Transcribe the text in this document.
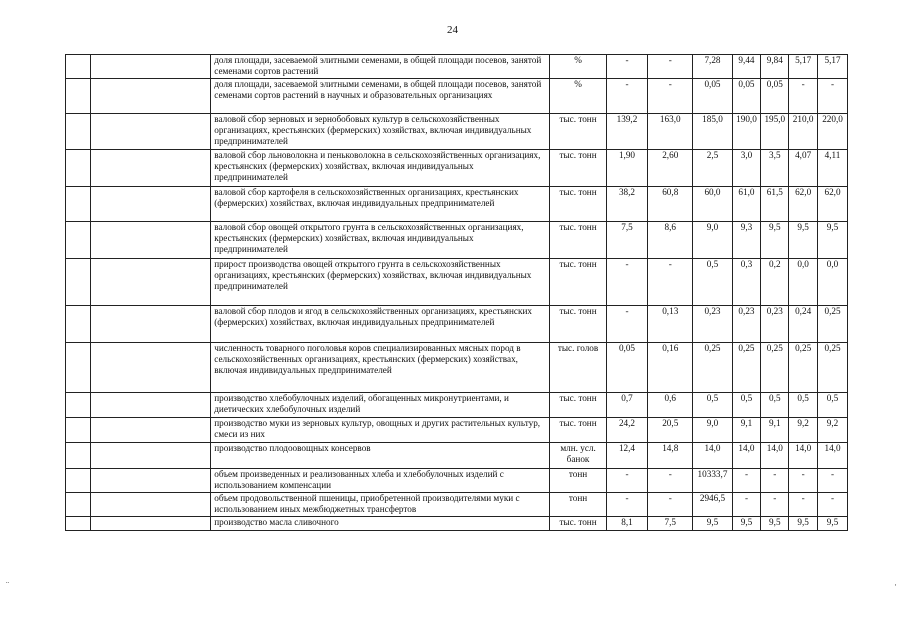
24
		доля площади, засеваемой элитными семенами, в общей площади посевов, занятой семенами сортов растений	%	-	-	7,28	9,44	9,84	5,17	5,17
		доля площади, засеваемой элитными семенами, в общей площади посевов, занятой семенами сортов растений в научных и образовательных организациях	%	-	-	0,05	0,05	0,05	-	-
		валовой сбор зерновых и зернобобовых культур в сельскохозяйственных организациях, крестьянских (фермерских) хозяйствах, включая индивидуальных предпринимателей	тыс. тонн	139,2	163,0	185,0	190,0	195,0	210,0	220,0
		валовой сбор льноволокна и пеньковолокна в сельскохозяйственных организациях, крестьянских (фермерских) хозяйствах, включая индивидуальных предпринимателей	тыс. тонн	1,90	2,60	2,5	3,0	3,5	4,07	4,11
		валовой сбор картофеля в сельскохозяйственных организациях, крестьянских (фермерских) хозяйствах, включая индивидуальных предпринимателей	тыс. тонн	38,2	60,8	60,0	61,0	61,5	62,0	62,0
		валовой сбор овощей открытого грунта в сельскохозяйственных организациях, крестьянских (фермерских) хозяйствах, включая индивидуальных предпринимателей	тыс. тонн	7,5	8,6	9,0	9,3	9,5	9,5	9,5
		прирост производства овощей открытого грунта в сельскохозяйственных организациях, крестьянских (фермерских) хозяйствах, включая индивидуальных предпринимателей	тыс. тонн	-	-	0,5	0,3	0,2	0,0	0,0
		валовой сбор плодов и ягод в сельскохозяйственных организациях, крестьянских (фермерских) хозяйствах, включая индивидуальных предпринимателей	тыс. тонн	-	0,13	0,23	0,23	0,23	0,24	0,25
		численность товарного поголовья коров специализированных мясных пород в сельскохозяйственных организациях, крестьянских (фермерских) хозяйствах, включая индивидуальных предпринимателей	тыс. голов	0,05	0,16	0,25	0,25	0,25	0,25	0,25
		производство хлебобулочных изделий, обогащенных микронутриентами, и диетических хлебобулочных изделий	тыс. тонн	0,7	0,6	0,5	0,5	0,5	0,5	0,5
		производство муки из зерновых культур, овощных и других растительных культур, смеси из них	тыс. тонн	24,2	20,5	9,0	9,1	9,1	9,2	9,2
		производство плодоовощных консервов	млн. усл. банок	12,4	14,8	14,0	14,0	14,0	14,0	14,0
		объем произведенных и реализованных хлеба и хлебобулочных изделий с использованием компенсации	тонн	-	-	10333,7	-	-	-	-
		объем продовольственной пшеницы, приобретенной производителями муки с использованием иных межбюджетных трансфертов	тонн	-	-	2946,5	-	-	-	-
		производство масла сливочного	тыс. тонн	8,1	7,5	9,5	9,5	9,5	9,5	9,5
¨	·
